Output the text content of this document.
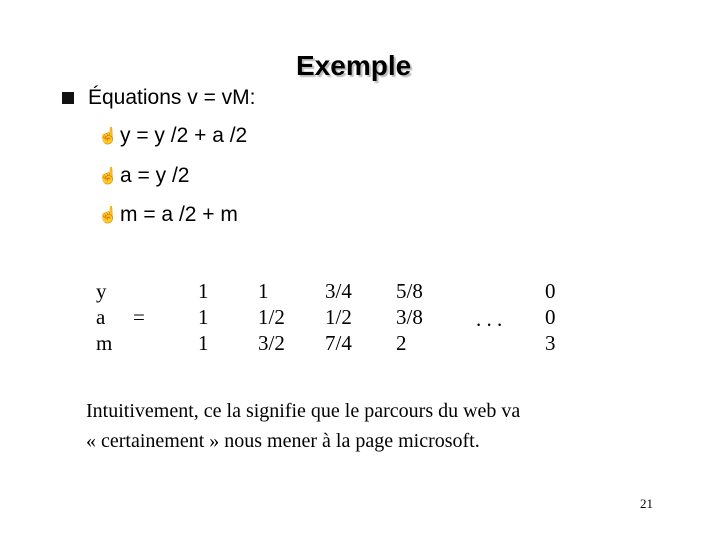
Exemple
Équations v = vM:
☝ y = y /2 + a /2
☝ a = y /2
☝ m = a /2 + m
y
a
m
=
1
1
1
1
1/2
3/2
3/4
1/2
7/4
5/8
3/8
2
. . .
0
0
3
Intuitivement, ce la signifie que le parcours du web va
« certainement » nous mener à la page microsoft.
21
